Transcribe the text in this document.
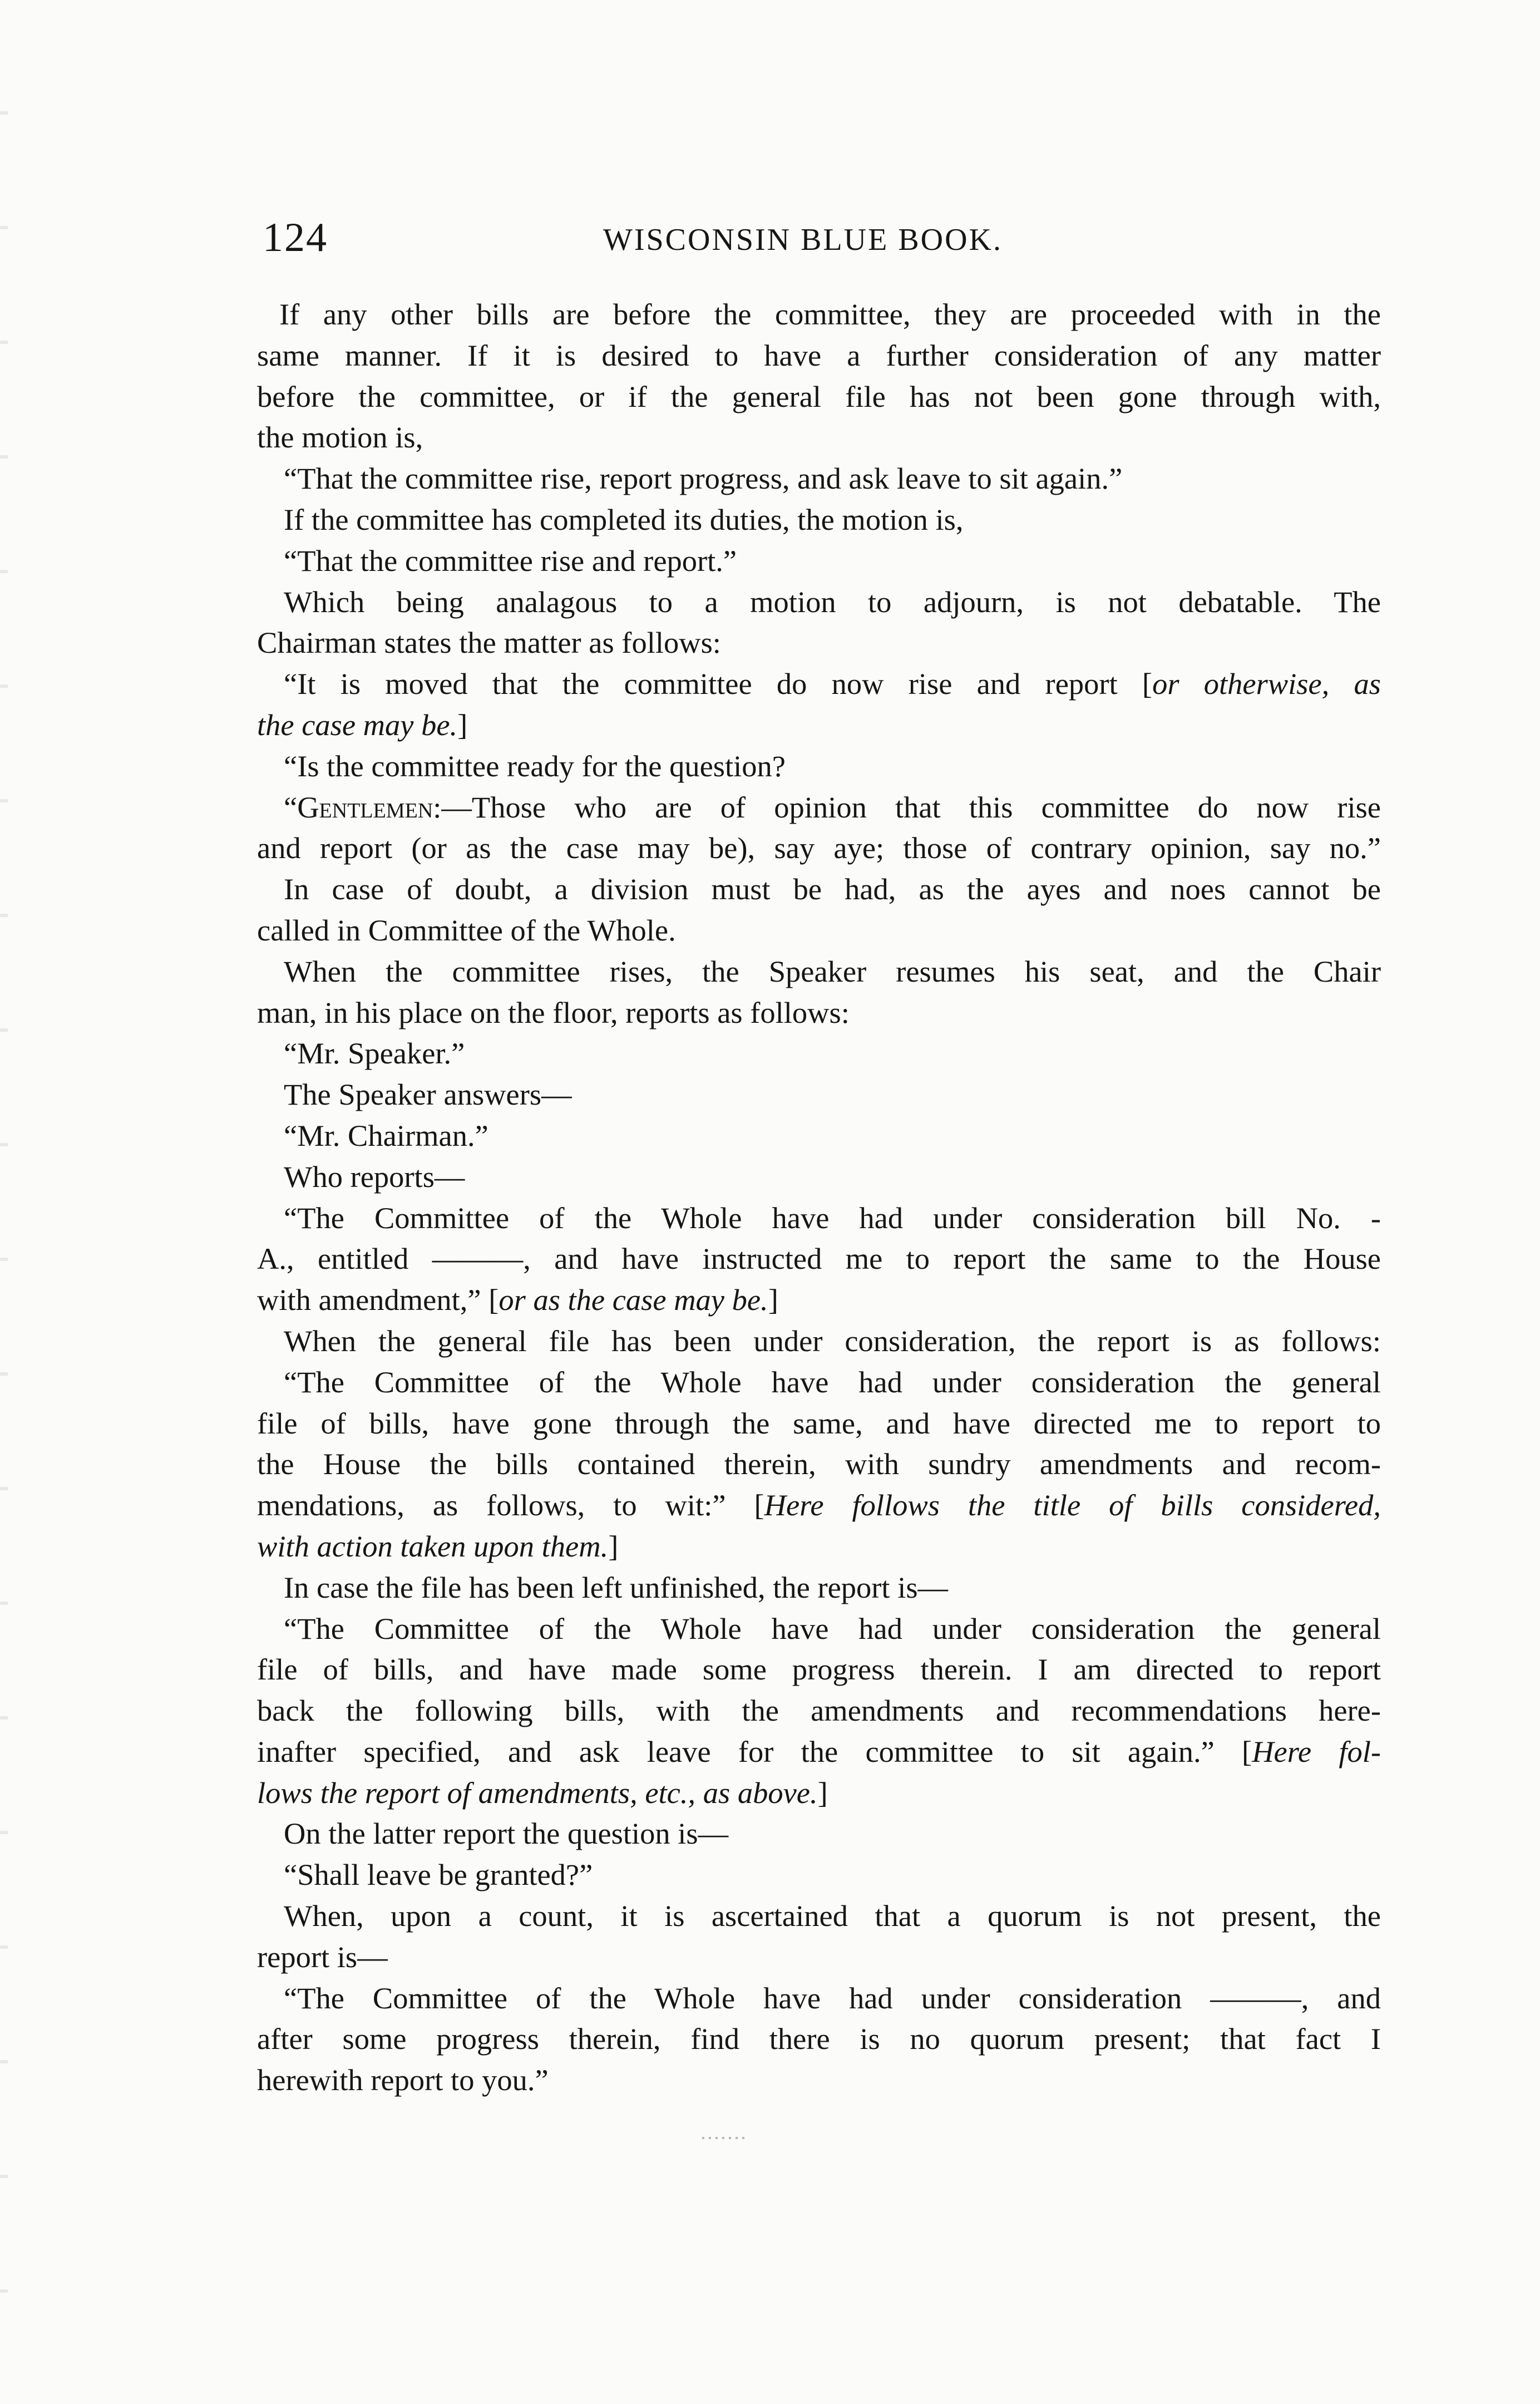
124	WISCONSIN BLUE BOOK.
If any other bills are before the committee, they are proceeded with in the
same manner. If it is desired to have a further consideration of any matter
before the committee, or if the general file has not been gone through with,
the motion is,
“That the committee rise, report progress, and ask leave to sit again.”
If the committee has completed its duties, the motion is,
“That the committee rise and report.”
Which being analagous to a motion to adjourn, is not debatable. The
Chairman states the matter as follows:
“It is moved that the committee do now rise and report [or otherwise, as
the case may be.]
“Is the committee ready for the question?
“Gentlemen:—Those who are of opinion that this committee do now rise
and report (or as the case may be), say aye; those of contrary opinion, say no.”
In case of doubt, a division must be had, as the ayes and noes cannot be
called in Committee of the Whole.
When the committee rises, the Speaker resumes his seat, and the Chair
man, in his place on the floor, reports as follows:
“Mr. Speaker.”
The Speaker answers—
“Mr. Chairman.”
Who reports—
“The Committee of the Whole have had under consideration bill No. -
A., entitled ———, and have instructed me to report the same to the House
with amendment,” [or as the case may be.]
When the general file has been under consideration, the report is as follows:
“The Committee of the Whole have had under consideration the general
file of bills, have gone through the same, and have directed me to report to
the House the bills contained therein, with sundry amendments and recom-
mendations, as follows, to wit:” [Here follows the title of bills considered,
with action taken upon them.]
In case the file has been left unfinished, the report is—
“The Committee of the Whole have had under consideration the general
file of bills, and have made some progress therein. I am directed to report
back the following bills, with the amendments and recommendations here-
inafter specified, and ask leave for the committee to sit again.” [Here fol-
lows the report of amendments, etc., as above.]
On the latter report the question is—
“Shall leave be granted?”
When, upon a count, it is ascertained that a quorum is not present, the
report is—
“The Committee of the Whole have had under consideration ———, and
after some progress therein, find there is no quorum present; that fact I
herewith report to you.”
